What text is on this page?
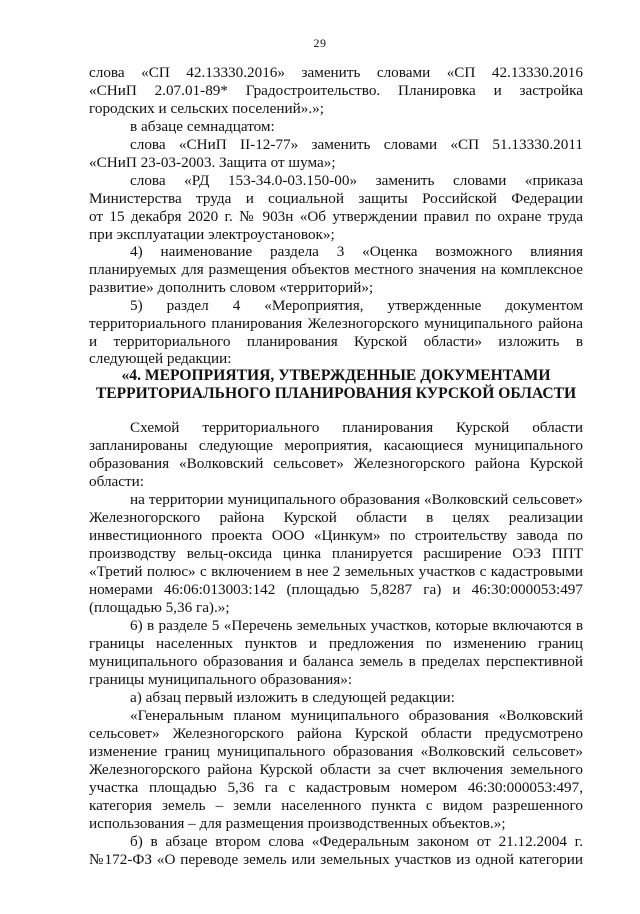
29

слова «СП 42.13330.2016» заменить словами «СП 42.13330.2016

«СНиП 2.07.01-89* Градостроительство. Планировка и застройка

городских и сельских поселений».»;

в абзаце семнадцатом:

слова «СНиП II-12-77» заменить словами «СП 51.13330.2011

«СНиП 23-03-2003. Защита от шума»;

слова «РД 153-34.0-03.150-00» заменить словами «приказа

Министерства труда и социальной защиты Российской Федерации

от 15 декабря 2020 г. № 903н «Об утверждении правил по охране труда

при эксплуатации электроустановок»;

4) наименование раздела 3 «Оценка возможного влияния

планируемых для размещения объектов местного значения на комплексное

развитие» дополнить словом «территорий»;

5) раздел 4 «Мероприятия, утвержденные документом

территориального планирования Железногорского муниципального района

и территориального планирования Курской области» изложить в

следующей редакции:

«4. МЕРОПРИЯТИЯ, УТВЕРЖДЕННЫЕ ДОКУМЕНТАМИ

ТЕРРИТОРИАЛЬНОГО ПЛАНИРОВАНИЯ КУРСКОЙ ОБЛАСТИ

Схемой территориального планирования Курской области

запланированы следующие мероприятия, касающиеся муниципального

образования «Волковский сельсовет» Железногорского района Курской

области:

на территории муниципального образования «Волковский сельсовет»

Железногорского района Курской области в целях реализации

инвестиционного проекта ООО «Цинкум» по строительству завода по

производству вельц-оксида цинка планируется расширение ОЭЗ ППТ

«Третий полюс» с включением в нее 2 земельных участков с кадастровыми

номерами 46:06:013003:142 (площадью 5,8287 га) и 46:30:000053:497

(площадью 5,36 га).»;

6) в разделе 5 «Перечень земельных участков, которые включаются в

границы населенных пунктов и предложения по изменению границ

муниципального образования и баланса земель в пределах перспективной

границы муниципального образования»:

а) абзац первый изложить в следующей редакции:

«Генеральным планом муниципального образования «Волковский

сельсовет» Железногорского района Курской области предусмотрено

изменение границ муниципального образования «Волковский сельсовет»

Железногорского района Курской области за счет включения земельного

участка площадью 5,36 га с кадастровым номером 46:30:000053:497,

категория земель – земли населенного пункта с видом разрешенного

использования – для размещения производственных объектов.»;

б) в абзаце втором слова «Федеральным законом от 21.12.2004 г.

№172-ФЗ «О переводе земель или земельных участков из одной категории
